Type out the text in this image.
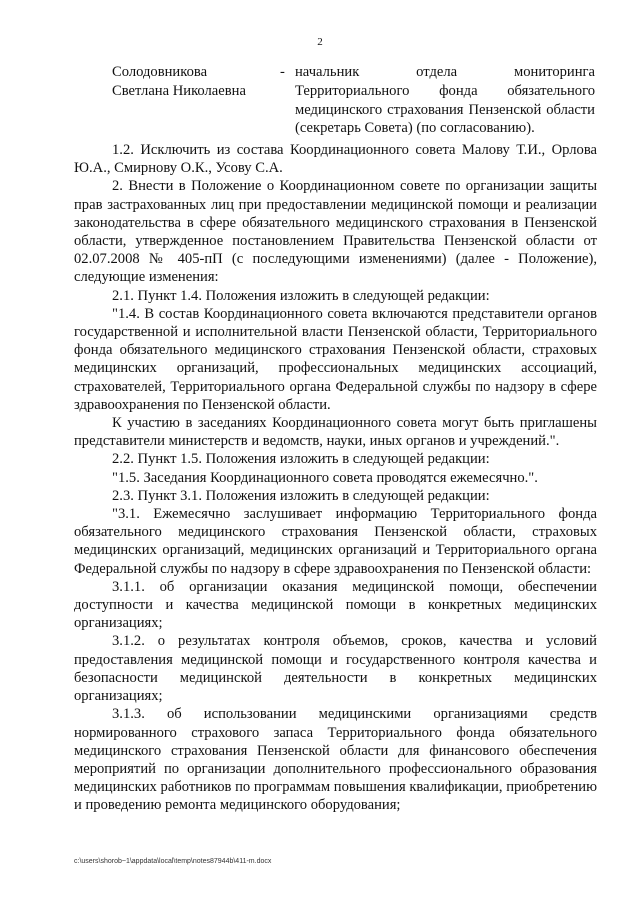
2
Солодовникова
Светлана Николаевна
- начальник отдела мониторинга Территориального фонда обязательного медицинского страхования Пензенской области (секретарь Совета) (по согласованию).

1.2. Исключить из состава Координационного совета Малову Т.И., Орлова Ю.А., Смирнову О.К., Усову С.А.

2. Внести в Положение о Координационном совете по организации защиты прав застрахованных лиц при предоставлении медицинской помощи и реализации законодательства в сфере обязательного медицинского страхования в Пензенской области, утвержденное постановлением Правительства Пензенской области от 02.07.2008 № 405-пП (с последующими изменениями) (далее - Положение), следующие изменения:

2.1. Пункт 1.4. Положения изложить в следующей редакции:

"1.4. В состав Координационного совета включаются представители органов государственной и исполнительной власти Пензенской области, Территориального фонда обязательного медицинского страхования Пензенской области, страховых медицинских организаций, профессиональных медицинских ассоциаций, страхователей, Территориального органа Федеральной службы по надзору в сфере здравоохранения по Пензенской области.

К участию в заседаниях Координационного совета могут быть приглашены представители министерств и ведомств, науки, иных органов и учреждений.".

2.2. Пункт 1.5. Положения изложить в следующей редакции:

"1.5. Заседания Координационного совета проводятся ежемесячно.".

2.3. Пункт 3.1. Положения изложить в следующей редакции:

"3.1. Ежемесячно заслушивает информацию Территориального фонда обязательного медицинского страхования Пензенской области, страховых медицинских организаций, медицинских организаций и Территориального органа Федеральной службы по надзору в сфере здравоохранения по Пензенской области:

3.1.1. об организации оказания медицинской помощи, обеспечении доступности и качества медицинской помощи в конкретных медицинских организациях;

3.1.2. о результатах контроля объемов, сроков, качества и условий предоставления медицинской помощи и государственного контроля качества и безопасности медицинской деятельности в конкретных медицинских организациях;

3.1.3. об использовании медицинскими организациями средств нормированного страхового запаса Территориального фонда обязательного медицинского страхования Пензенской области для финансового обеспечения мероприятий по организации дополнительного профессионального образования медицинских работников по программам повышения квалификации, приобретению и проведению ремонта медицинского оборудования;

c:\users\shorob~1\appdata\local\temp\notes87944b\411-m.docx
